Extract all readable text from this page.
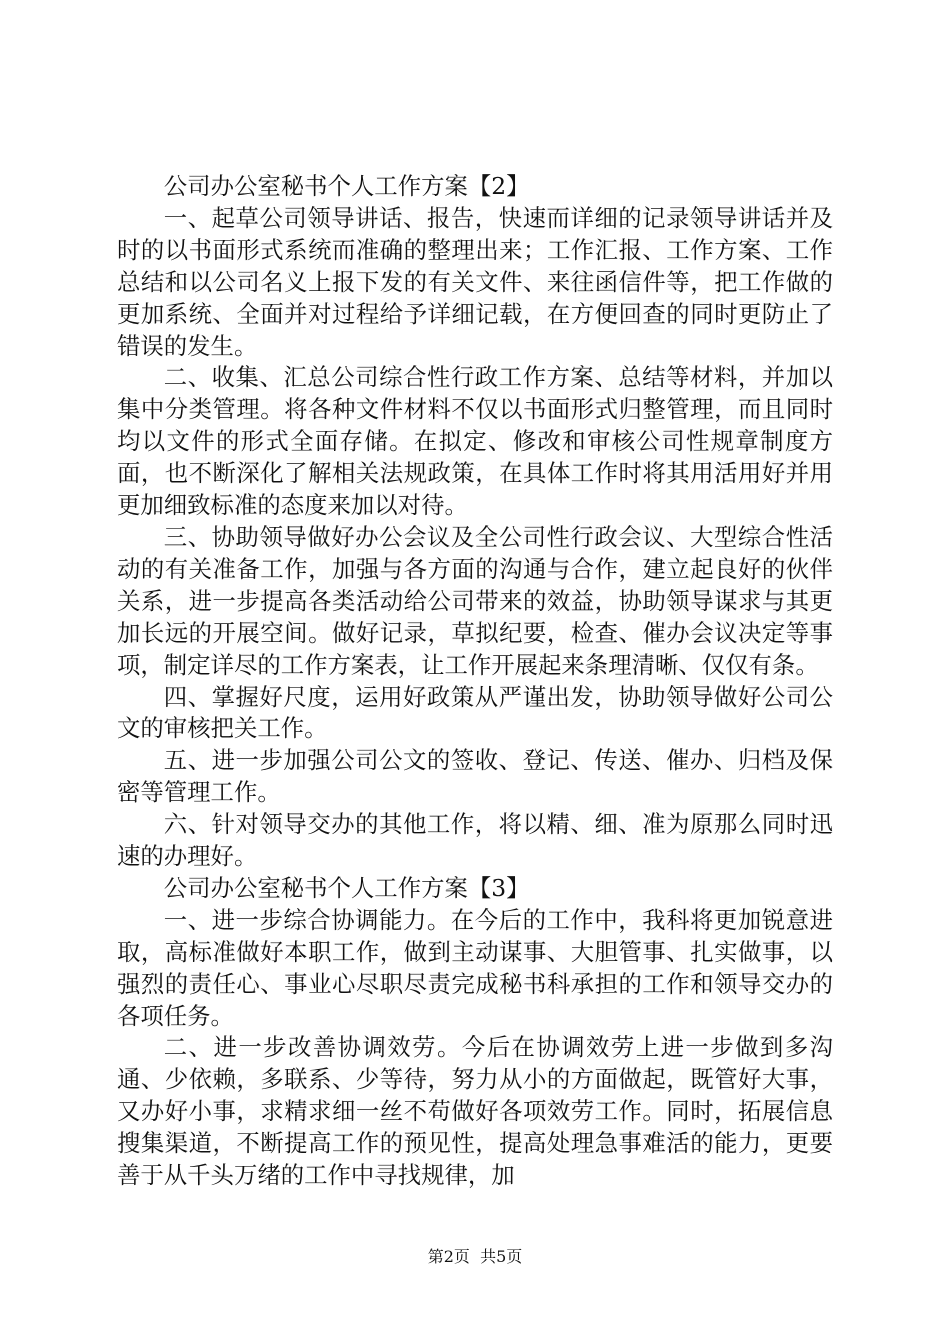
公司办公室秘书个人工作方案【2】

一、起草公司领导讲话、报告，快速而详细的记录领导讲话并及时的以书面形式系统而准确的整理出来；工作汇报、工作方案、工作总结和以公司名义上报下发的有关文件、来往函信件等，把工作做的更加系统、全面并对过程给予详细记载，在方便回查的同时更防止了错误的发生。

二、收集、汇总公司综合性行政工作方案、总结等材料，并加以集中分类管理。将各种文件材料不仅以书面形式归整管理，而且同时均以文件的形式全面存储。在拟定、修改和审核公司性规章制度方面，也不断深化了解相关法规政策，在具体工作时将其用活用好并用更加细致标准的态度来加以对待。

三、协助领导做好办公会议及全公司性行政会议、大型综合性活动的有关准备工作，加强与各方面的沟通与合作，建立起良好的伙伴关系，进一步提高各类活动给公司带来的效益，协助领导谋求与其更加长远的开展空间。做好记录，草拟纪要，检查、催办会议决定等事项，制定详尽的工作方案表，让工作开展起来条理清晰、仅仅有条。

四、掌握好尺度，运用好政策从严谨出发，协助领导做好公司公文的审核把关工作。

五、进一步加强公司公文的签收、登记、传送、催办、归档及保密等管理工作。

六、针对领导交办的其他工作，将以精、细、准为原那么同时迅速的办理好。

公司办公室秘书个人工作方案【3】

一、进一步综合协调能力。在今后的工作中，我科将更加锐意进取，高标准做好本职工作，做到主动谋事、大胆管事、扎实做事，以强烈的责任心、事业心尽职尽责完成秘书科承担的工作和领导交办的各项任务。

二、进一步改善协调效劳。今后在协调效劳上进一步做到多沟通、少依赖，多联系、少等待，努力从小的方面做起，既管好大事，又办好小事，求精求细一丝不苟做好各项效劳工作。同时，拓展信息搜集渠道，不断提高工作的预见性，提高处理急事难活的能力，更要善于从千头万绪的工作中寻找规律，加

第2页 共5页
